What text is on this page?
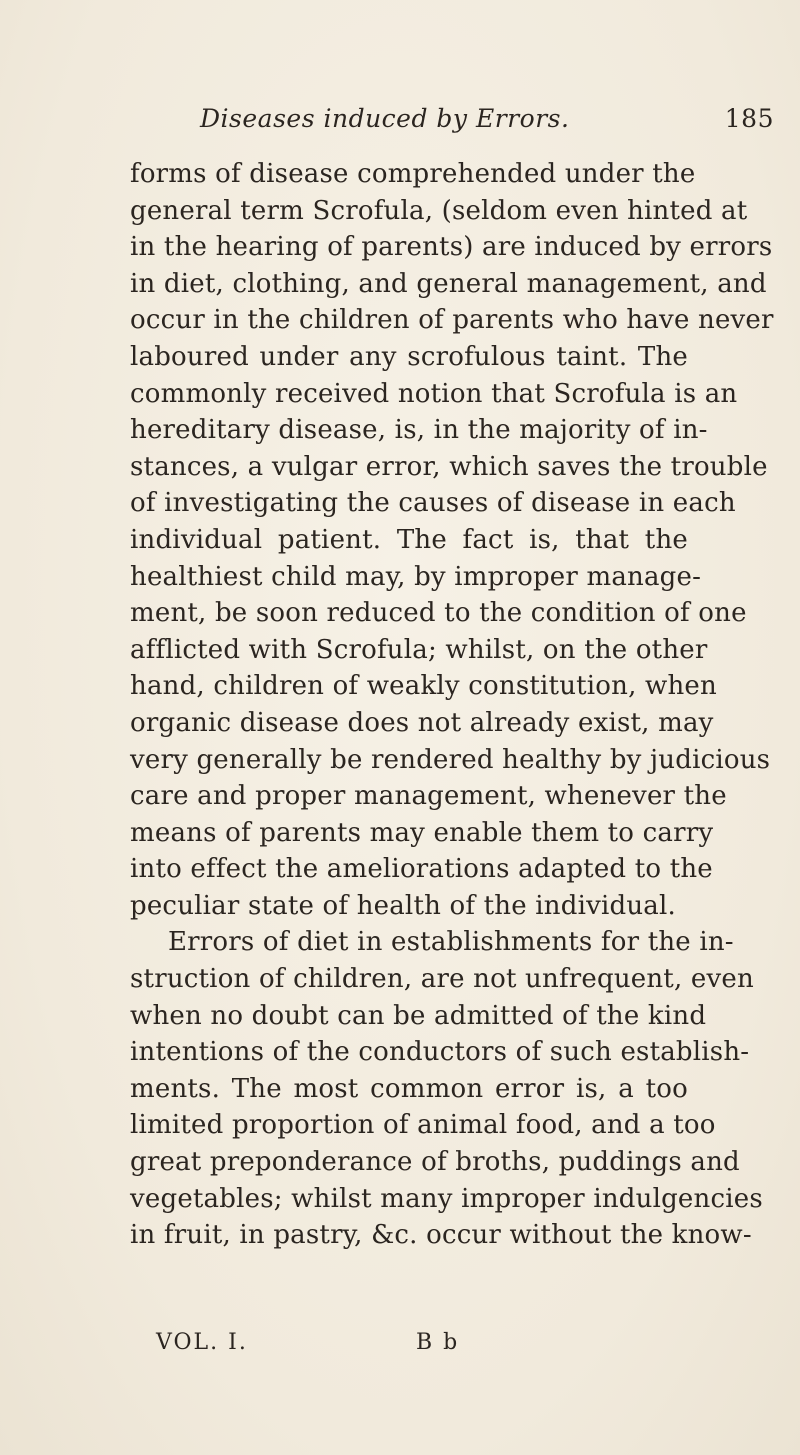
Diseases induced by Errors.	185
forms of disease comprehended under the
general term Scrofula, (seldom even hinted at
in the hearing of parents) are induced by errors
in diet, clothing, and general management, and
occur in the children of parents who have never
laboured under any scrofulous taint. The
commonly received notion that Scrofula is an
hereditary disease, is, in the majority of in-
stances, a vulgar error, which saves the trouble
of investigating the causes of disease in each
individual patient. The fact is, that the
healthiest child may, by improper manage-
ment, be soon reduced to the condition of one
afflicted with Scrofula; whilst, on the other
hand, children of weakly constitution, when
organic disease does not already exist, may
very generally be rendered healthy by judicious
care and proper management, whenever the
means of parents may enable them to carry
into effect the ameliorations adapted to the
peculiar state of health of the individual.
Errors of diet in establishments for the in-
struction of children, are not unfrequent, even
when no doubt can be admitted of the kind
intentions of the conductors of such establish-
ments. The most common error is, a too
limited proportion of animal food, and a too
great preponderance of broths, puddings and
vegetables; whilst many improper indulgencies
in fruit, in pastry, &c. occur without the know-
VOL. I.	B b
